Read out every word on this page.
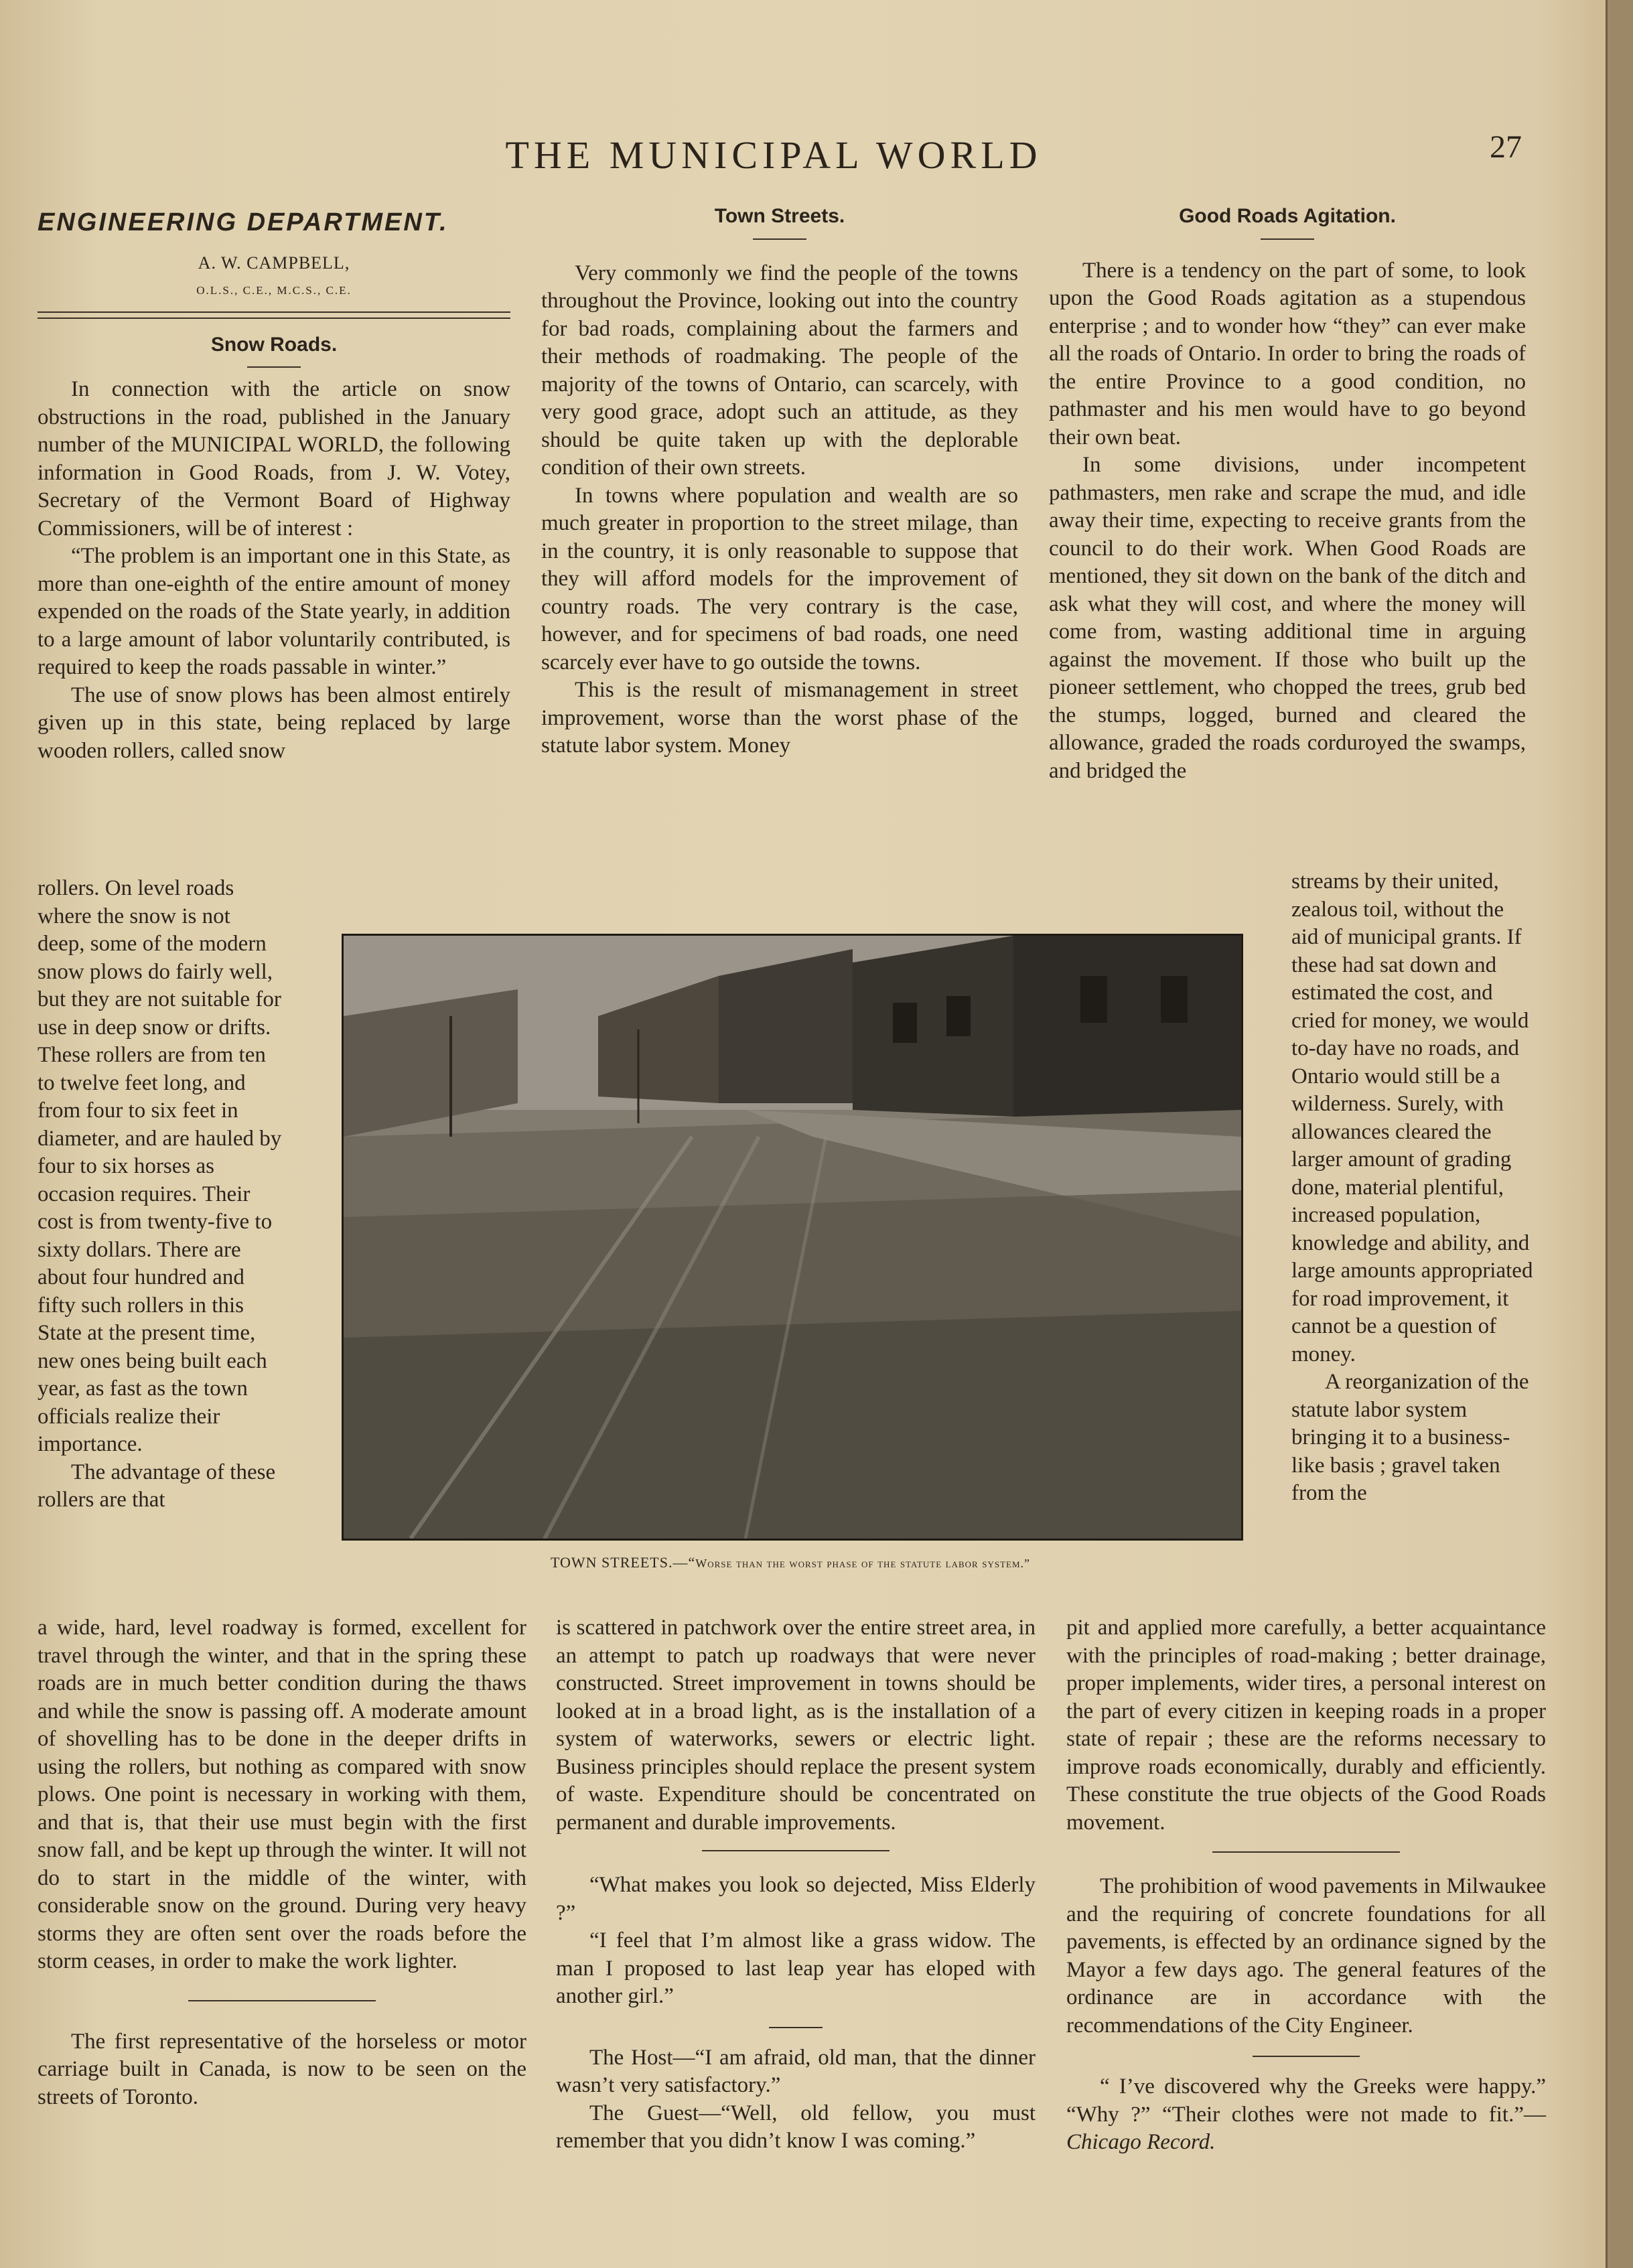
THE MUNICIPAL WORLD	27
ENGINEERING DEPARTMENT.
A. W. CAMPBELL,
O.L.S., C.E., M.C.S., C.E.
Snow Roads.

In connection with the article on snow obstructions in the road, published in the January number of the MUNICIPAL WORLD, the following information in Good Roads, from J. W. Votey, Secretary of the Vermont Board of Highway Commissioners, will be of interest :

“The problem is an important one in this State, as more than one-eighth of the entire amount of money expended on the roads of the State yearly, in addition to a large amount of labor voluntarily contributed, is required to keep the roads passable in winter.”

The use of snow plows has been almost entirely given up in this state, being replaced by large wooden rollers, called snow

rollers. On level roads where the snow is not deep, some of the modern snow plows do fairly well, but they are not suitable for use in deep snow or drifts. These rollers are from ten to twelve feet long, and from four to six feet in diameter, and are hauled by four to six horses as occasion requires. Their cost is from twenty-five to sixty dollars. There are about four hundred and fifty such rollers in this State at the present time, new ones being built each year, as fast as the town officials realize their importance.

The advantage of these rollers are that

a wide, hard, level roadway is formed, excellent for travel through the winter, and that in the spring these roads are in much better condition during the thaws and while the snow is passing off. A moderate amount of shovelling has to be done in the deeper drifts in using the rollers, but nothing as compared with snow plows. One point is necessary in working with them, and that is, that their use must begin with the first snow fall, and be kept up through the winter. It will not do to start in the middle of the winter, with considerable snow on the ground. During very heavy storms they are often sent over the roads before the storm ceases, in order to make the work lighter.

The first representative of the horseless or motor carriage built in Canada, is now to be seen on the streets of Toronto.

Town Streets.

Very commonly we find the people of the towns throughout the Province, looking out into the country for bad roads, complaining about the farmers and their methods of roadmaking. The people of the majority of the towns of Ontario, can scarcely, with very good grace, adopt such an attitude, as they should be quite taken up with the deplorable condition of their own streets.

In towns where population and wealth are so much greater in proportion to the street milage, than in the country, it is only reasonable to suppose that they will afford models for the improvement of country roads. The very contrary is the case, however, and for specimens of bad roads, one need scarcely ever have to go outside the towns.

This is the result of mismanagement in street improvement, worse than the worst phase of the statute labor system. Money

is scattered in patchwork over the entire street area, in an attempt to patch up roadways that were never constructed. Street improvement in towns should be looked at in a broad light, as is the installation of a system of waterworks, sewers or electric light. Business principles should replace the present system of waste. Expenditure should be concentrated on permanent and durable improvements.

“What makes you look so dejected, Miss Elderly ?”

“I feel that I’m almost like a grass widow. The man I proposed to last leap year has eloped with another girl.”

The Host—“I am afraid, old man, that the dinner wasn’t very satisfactory.”

The Guest—“Well, old fellow, you must remember that you didn’t know I was coming.”

Good Roads Agitation.

There is a tendency on the part of some, to look upon the Good Roads agitation as a stupendous enterprise ; and to wonder how “they” can ever make all the roads of Ontario. In order to bring the roads of the entire Province to a good condition, no pathmaster and his men would have to go beyond their own beat.

In some divisions, under incompetent pathmasters, men rake and scrape the mud, and idle away their time, expecting to receive grants from the council to do their work. When Good Roads are mentioned, they sit down on the bank of the ditch and ask what they will cost, and where the money will come from, wasting additional time in arguing against the movement. If those who built up the pioneer settlement, who chopped the trees, grub bed the stumps, logged, burned and cleared the allowance, graded the roads corduroyed the swamps, and bridged the

streams by their united, zealous toil, without the aid of municipal grants. If these had sat down and estimated the cost, and cried for money, we would to-day have no roads, and Ontario would still be a wilderness. Surely, with allowances cleared the larger amount of grading done, material plentiful, increased population, knowledge and ability, and large amounts appropriated for road improvement, it cannot be a question of money.

A reorganization of the statute labor system bringing it to a business-like basis ; gravel taken from the

pit and applied more carefully, a better acquaintance with the principles of road-making ; better drainage, proper implements, wider tires, a personal interest on the part of every citizen in keeping roads in a proper state of repair ; these are the reforms necessary to improve roads economically, durably and efficiently. These constitute the true objects of the Good Roads movement.

The prohibition of wood pavements in Milwaukee and the requiring of concrete foundations for all pavements, is effected by an ordinance signed by the Mayor a few days ago. The general features of the ordinance are in accordance with the recommendations of the City Engineer.

“ I’ve discovered why the Greeks were happy.” “Why ?” “Their clothes were not made to fit.”—Chicago Record.

TOWN STREETS.—“Worse than the worst phase of the statute labor system.”
